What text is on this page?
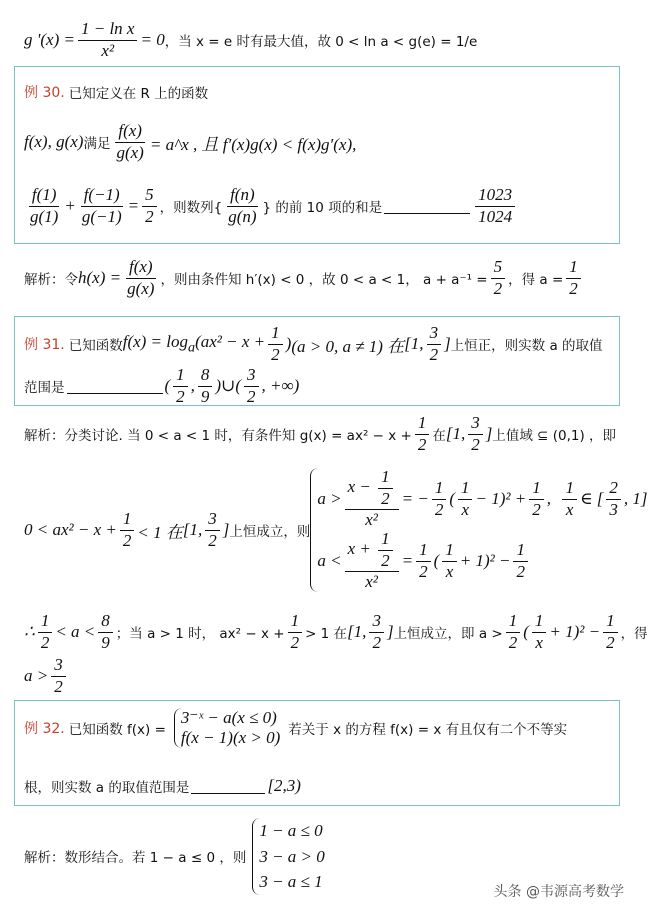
g '$(x) = \frac{\text{1 − ln x}}{\text{x²}} = 0$ ，当 x = e 时有最大值，故 0 < ln a < g(e) = 1/e
例 30. 已知定义在 R 上的函数
f(x), g(x) 满足 $\frac{f(x)}{g(x)}$ = a^x , 且 f′(x)g(x) < f(x)g′(x),
$\frac{f(1)}{g(1)} + \frac{f(-1)}{g(-1)} = \frac{5}{2}$ ，则数列{ $\frac{f(n)}{g(n)}$ } 的前 10 项的和是	$\frac{1023}{1024}$
解析：令 $h(x) = \frac{f(x)}{g(x)}$ ，则由条件知 h′(x) < 0 ，故 0 < a < 1， $a + a^{-1} = \frac{5}{2}$ ，得 $a = \frac{1}{2}$
例 31. 已知函数 $f(x) = \log_a(ax^2 - x + \frac{1}{2}$ ) (a > 0, a ≠ 1) 在 [1, $\frac{3}{2}$ ] 上恒正，则实数 a 的取值
范围是	( $\frac{1}{2}$ , $\frac{8}{9}$ ) ∪ ( $\frac{3}{2}$ , +∞)
解析：分类讨论. 当 0 < a < 1 时，有条件知 $g(x) = ax^2 - x + \frac{1}{2}$ 在 [1, $\frac{3}{2}$ ] 上值域 ⊆ (0,1) ，即
$0 < ax^2 - x + \frac{1}{2} < 1$ 在 [1, $\frac{3}{2}$ ] 上恒成立，则
$a > \frac{x - \frac{1}{2}}{\text{x²}}$ = − $\frac{1}{2}$ ( $\frac{1}{x} - 1)^2 + \frac{1}{2}$ , $\frac{1}{x}$ ∈ [ $\frac{2}{3}$ , 1]
$a < \frac{x + \frac{1}{2}}{\text{x²}} = \frac{1}{2}$ ( $\frac{1}{x} + 1)^2 - \frac{1}{2}$
∴ $\frac{1}{2} < a < \frac{8}{9}$ ；当 a > 1 时， $ax^2 - x + \frac{1}{2} > 1$ 在 [1, $\frac{3}{2}$ ] 上恒成立，即 $a > \frac{1}{2}$ ( $\frac{1}{x} + 1)^2 - \frac{1}{2}$ ，得
$a > \frac{3}{2}$
例 32. 已知函数 f(x) =
3⁻ˣ − a(x ≤ 0)
f(x − 1)(x > 0) 若关于 x 的方程 f(x) = x 有且仅有二个不等实
根，则实数 a 的取值范围是	[2,3)
解析：数形结合。若 1 − a ≤ 0 ，则
1 − a ≤ 0
3 − a > 0
3 − a ≤ 1
头条 @韦源高考数学
